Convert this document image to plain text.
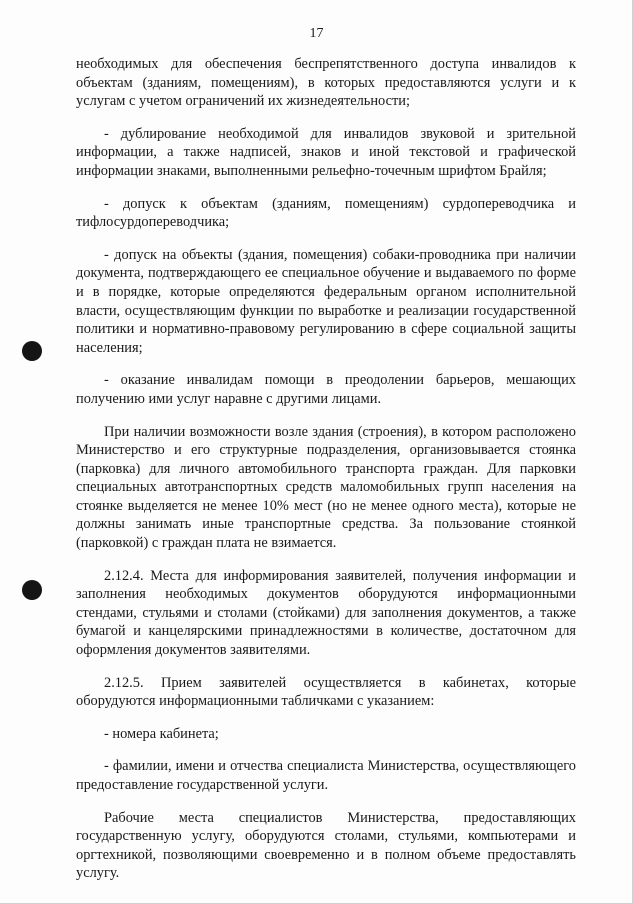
17

необходимых для обеспечения беспрепятственного доступа инвалидов к объектам (зданиям, помещениям), в которых предоставляются услуги и к услугам с учетом ограничений их жизнедеятельности;

- дублирование необходимой для инвалидов звуковой и зрительной информации, а также надписей, знаков и иной текстовой и графической информации знаками, выполненными рельефно-точечным шрифтом Брайля;

- допуск к объектам (зданиям, помещениям) сурдопереводчика и тифлосурдопереводчика;

- допуск на объекты (здания, помещения) собаки-проводника при наличии документа, подтверждающего ее специальное обучение и выдаваемого по форме и в порядке, которые определяются федеральным органом исполнительной власти, осуществляющим функции по выработке и реализации государственной политики и нормативно-правовому регулированию в сфере социальной защиты населения;

- оказание инвалидам помощи в преодолении барьеров, мешающих получению ими услуг наравне с другими лицами.

При наличии возможности возле здания (строения), в котором расположено Министерство и его структурные подразделения, организовывается стоянка (парковка) для личного автомобильного транспорта граждан. Для парковки специальных автотранспортных средств маломобильных групп населения на стоянке выделяется не менее 10% мест (но не менее одного места), которые не должны занимать иные транспортные средства. За пользование стоянкой (парковкой) с граждан плата не взимается.

2.12.4. Места для информирования заявителей, получения информации и заполнения необходимых документов оборудуются информационными стендами, стульями и столами (стойками) для заполнения документов, а также бумагой и канцелярскими принадлежностями в количестве, достаточном для оформления документов заявителями.

2.12.5. Прием заявителей осуществляется в кабинетах, которые оборудуются информационными табличками с указанием:

- номера кабинета;

- фамилии, имени и отчества специалиста Министерства, осуществляющего предоставление государственной услуги.

Рабочие места специалистов Министерства, предоставляющих государственную услугу, оборудуются столами, стульями, компьютерами и оргтехникой, позволяющими своевременно и в полном объеме предоставлять услугу.
